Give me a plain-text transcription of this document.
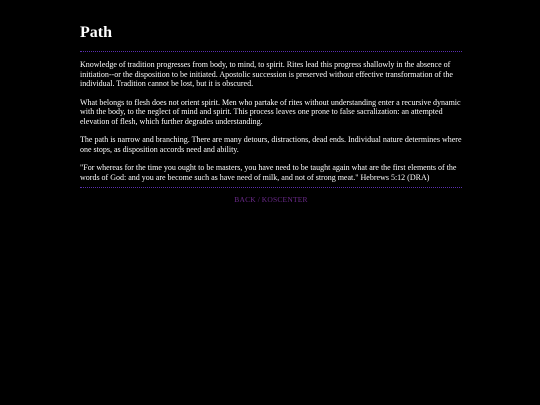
Path

Knowledge of tradition progresses from body, to mind, to spirit. Rites lead this progress shallowly in the absence of initiation--or the disposition to be initiated. Apostolic succession is preserved without effective transformation of the individual. Tradition cannot be lost, but it is obscured.

What belongs to flesh does not orient spirit. Men who partake of rites without understanding enter a recursive dynamic with the body, to the neglect of mind and spirit. This process leaves one prone to false sacralization: an attempted elevation of flesh, which further degrades understanding.

The path is narrow and branching. There are many detours, distractions, dead ends. Individual nature determines where one stops, as disposition accords need and ability.

"For whereas for the time you ought to be masters, you have need to be taught again what are the first elements of the words of God: and you are become such as have need of milk, and not of strong meat." Hebrews 5:12 (DRA)

BACK / KOSCENTER
